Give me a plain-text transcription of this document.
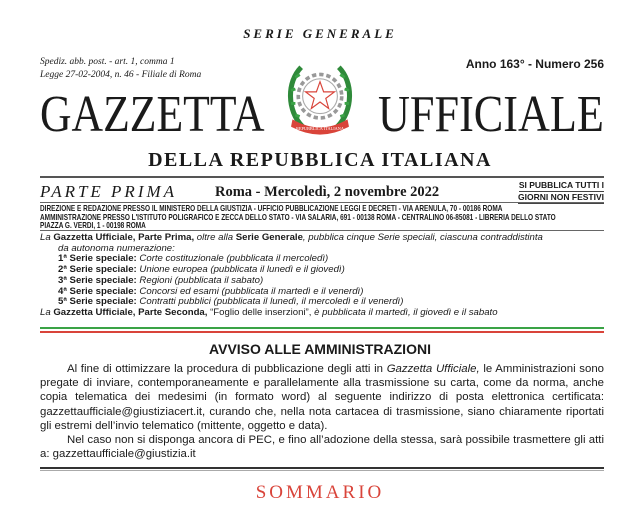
SERIE GENERALE
Spediz. abb. post. - art. 1, comma 1
Legge 27-02-2004, n. 46 - Filiale di Roma
Anno 163° - Numero 256
GAZZETTA UFFICIALE
REPUBBLICA ITALIANA
DELLA REPUBBLICA ITALIANA
PARTE PRIMA	Roma - Mercoledì, 2 novembre 2022	SI PUBBLICA TUTTI I
GIORNI NON FESTIVI
DIREZIONE E REDAZIONE PRESSO IL MINISTERO DELLA GIUSTIZIA - UFFICIO PUBBLICAZIONE LEGGI E DECRETI - VIA ARENULA, 70 - 00186 ROMA
AMMINISTRAZIONE PRESSO L'ISTITUTO POLIGRAFICO E ZECCA DELLO STATO - VIA SALARIA, 691 - 00138 ROMA - CENTRALINO 06-85081 - LIBRERIA DELLO STATO
PIAZZA G. VERDI, 1 - 00198 ROMA
La Gazzetta Ufficiale, Parte Prima, oltre alla Serie Generale, pubblica cinque Serie speciali, ciascuna contraddistinta
da autonoma numerazione:
1ª Serie speciale: Corte costituzionale (pubblicata il mercoledì)
2ª Serie speciale: Unione europea (pubblicata il lunedì e il giovedì)
3ª Serie speciale: Regioni (pubblicata il sabato)
4ª Serie speciale: Concorsi ed esami (pubblicata il martedì e il venerdì)
5ª Serie speciale: Contratti pubblici (pubblicata il lunedì, il mercoledì e il venerdì)
La Gazzetta Ufficiale, Parte Seconda, “Foglio delle inserzioni”, è pubblicata il martedì, il giovedì e il sabato
AVVISO ALLE AMMINISTRAZIONI

Al fine di ottimizzare la procedura di pubblicazione degli atti in Gazzetta Ufficiale, le Amministrazioni sono pregate di inviare, contemporaneamente e parallelamente alla trasmissione su carta, come da norma, anche copia telematica dei medesimi (in formato word) al seguente indirizzo di posta elettronica certificata: gazzettaufficiale@giustiziacert.it, curando che, nella nota cartacea di trasmissione, siano chiaramente riportati gli estremi dell’invio telematico (mittente, oggetto e data).

Nel caso non si disponga ancora di PEC, e fino all’adozione della stessa, sarà possibile trasmettere gli atti a: gazzettaufficiale@giustizia.it

SOMMARIO
